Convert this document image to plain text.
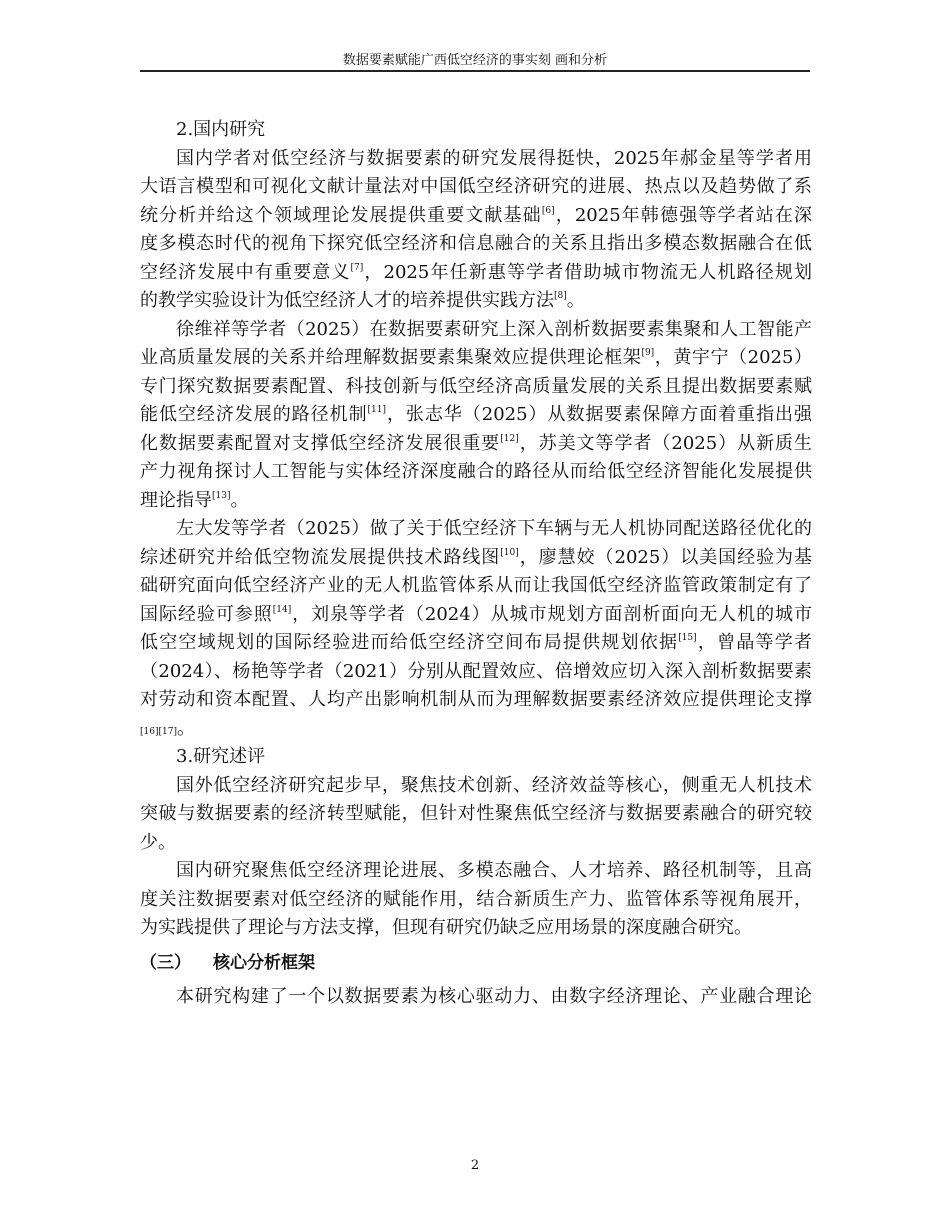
数据要素赋能广西低空经济的事实刻 画和分析
2.国内研究
国内学者对低空经济与数据要素的研究发展得挺快，2025年郝金星等学者用
大语言模型和可视化文献计量法对中国低空经济研究的进展、热点以及趋势做了系
统分析并给这个领域理论发展提供重要文献基础[6]，2025年韩德强等学者站在深
度多模态时代的视角下探究低空经济和信息融合的关系且指出多模态数据融合在低
空经济发展中有重要意义[7]，2025年任新惠等学者借助城市物流无人机路径规划
的教学实验设计为低空经济人才的培养提供实践方法[8]。
徐维祥等学者（2025）在数据要素研究上深入剖析数据要素集聚和人工智能产
业高质量发展的关系并给理解数据要素集聚效应提供理论框架[9]，黄宇宁（2025）
专门探究数据要素配置、科技创新与低空经济高质量发展的关系且提出数据要素赋
能低空经济发展的路径机制[11]，张志华（2025）从数据要素保障方面着重指出强
化数据要素配置对支撑低空经济发展很重要[12]，苏美文等学者（2025）从新质生
产力视角探讨人工智能与实体经济深度融合的路径从而给低空经济智能化发展提供
理论指导[13]。
左大发等学者（2025）做了关于低空经济下车辆与无人机协同配送路径优化的
综述研究并给低空物流发展提供技术路线图[10]，廖慧姣（2025）以美国经验为基
础研究面向低空经济产业的无人机监管体系从而让我国低空经济监管政策制定有了
国际经验可参照[14]，刘泉等学者（2024）从城市规划方面剖析面向无人机的城市
低空空域规划的国际经验进而给低空经济空间布局提供规划依据[15]，曾晶等学者
（2024）、杨艳等学者（2021）分别从配置效应、倍增效应切入深入剖析数据要素
对劳动和资本配置、人均产出影响机制从而为理解数据要素经济效应提供理论支撑
[16][17]。
3.研究述评
国外低空经济研究起步早，聚焦技术创新、经济效益等核心，侧重无人机技术
突破与数据要素的经济转型赋能，但针对性聚焦低空经济与数据要素融合的研究较
少。
国内研究聚焦低空经济理论进展、多模态融合、人才培养、路径机制等，且高
度关注数据要素对低空经济的赋能作用，结合新质生产力、监管体系等视角展开，
为实践提供了理论与方法支撑，但现有研究仍缺乏应用场景的深度融合研究。
（三） 核心分析框架
本研究构建了一个以数据要素为核心驱动力、由数字经济理论、产业融合理论
2
